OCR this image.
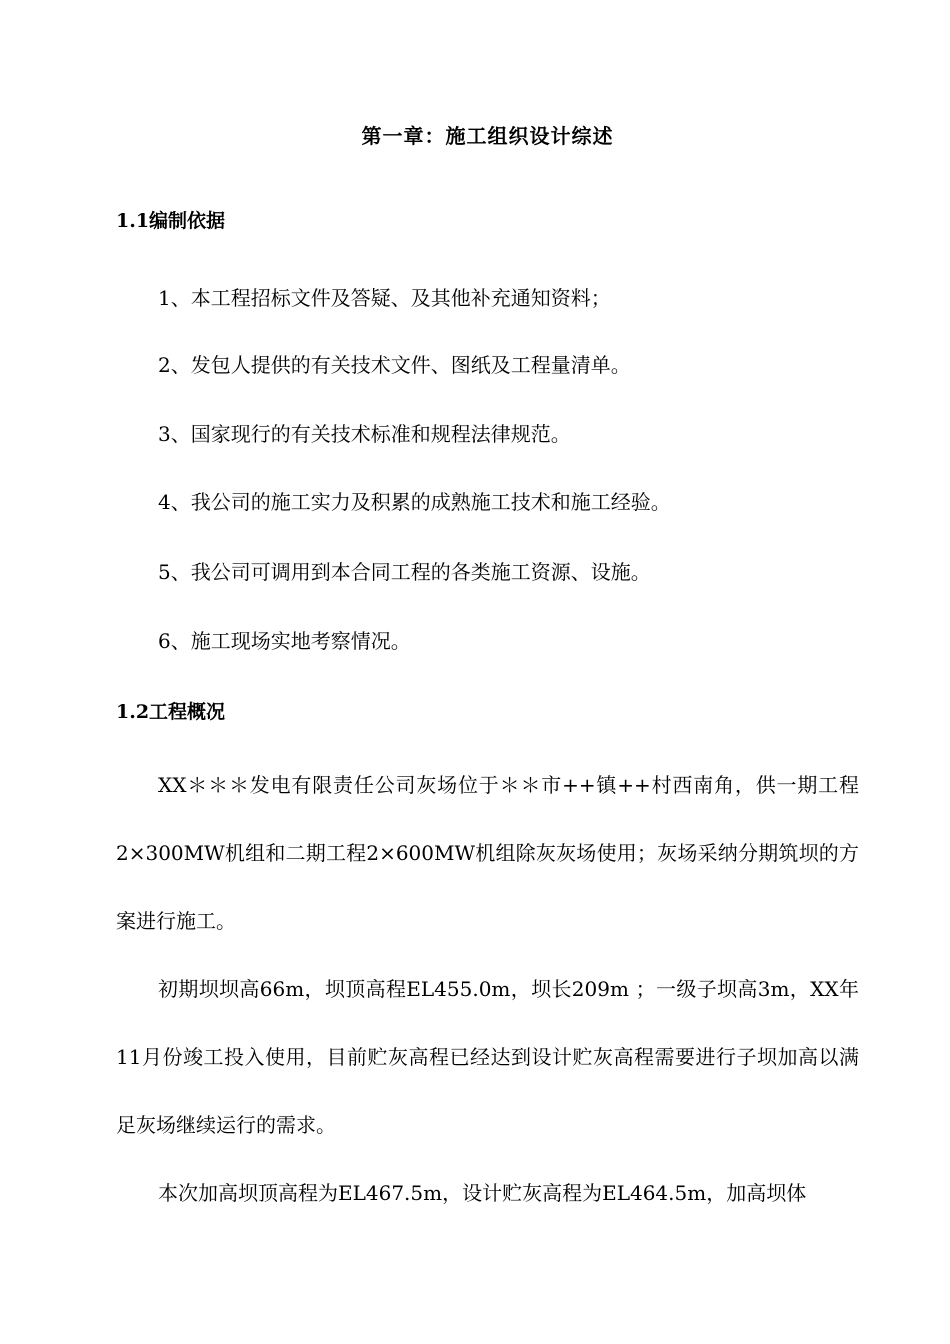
第一章：施工组织设计综述
1.1编制依据
1、本工程招标文件及答疑、及其他补充通知资料；
2、发包人提供的有关技术文件、图纸及工程量清单。
3、国家现行的有关技术标准和规程法律规范。
4、我公司的施工实力及积累的成熟施工技术和施工经验。
5、我公司可调用到本合同工程的各类施工资源、设施。
6、施工现场实地考察情况。
1.2工程概况
XX＊＊＊发电有限责任公司灰场位于＊＊市++镇++村西南角，供一期工程2×300MW机组和二期工程2×600MW机组除灰灰场使用；灰场采纳分期筑坝的方案进行施工。
初期坝坝高66m，坝顶高程EL455.0m，坝长209m ；一级子坝高3m，XX年11月份竣工投入使用，目前贮灰高程已经达到设计贮灰高程需要进行子坝加高以满足灰场继续运行的需求。
本次加高坝顶高程为EL467.5m，设计贮灰高程为EL464.5m，加高坝体
